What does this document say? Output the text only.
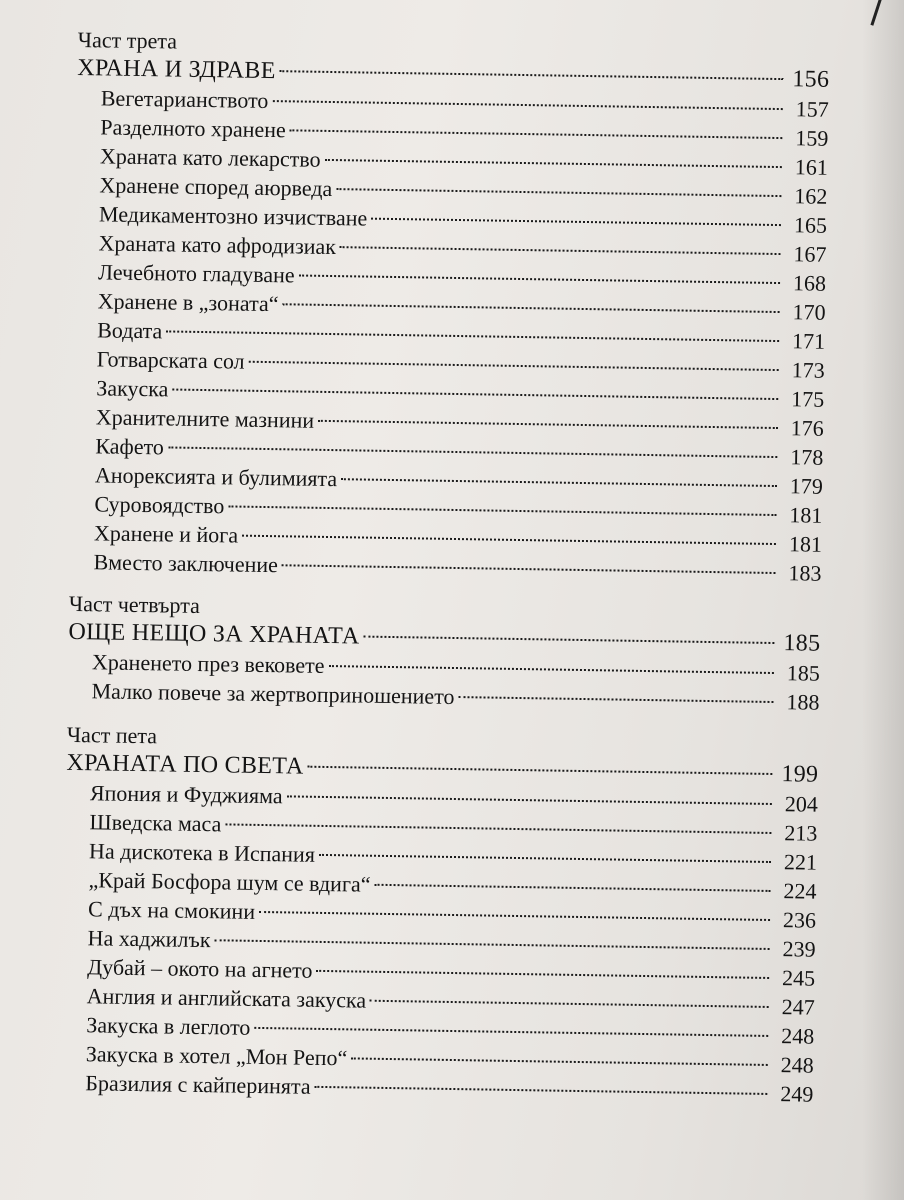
Част трета
ХРАНА И ЗДРАВЕ	156
Вегетарианството	157
Разделното хранене	159
Храната като лекарство	161
Хранене според аюрведа	162
Медикаментозно изчистване	165
Храната като афродизиак	167
Лечебното гладуване	168
Хранене в „зоната“	170
Водата	171
Готварската сол	173
Закуска	175
Хранителните мазнини	176
Кафето	178
Анорексията и булимията	179
Суровоядство	181
Хранене и йога	181
Вместо заключение	183
Част четвърта
ОЩЕ НЕЩО ЗА ХРАНАТА	185
Храненето през вековете	185
Малко повече за жертвоприношението	188
Част пета
ХРАНАТА ПО СВЕТА	199
Япония и Фуджияма	204
Шведска маса	213
На дискотека в Испания	221
„Край Босфора шум се вдига“	224
С дъх на смокини	236
На хаджилък	239
Дубай – окото на агнето	245
Англия и английската закуска	247
Закуска в леглото	248
Закуска в хотел „Мон Репо“	248
Бразилия с кайперинята	249
